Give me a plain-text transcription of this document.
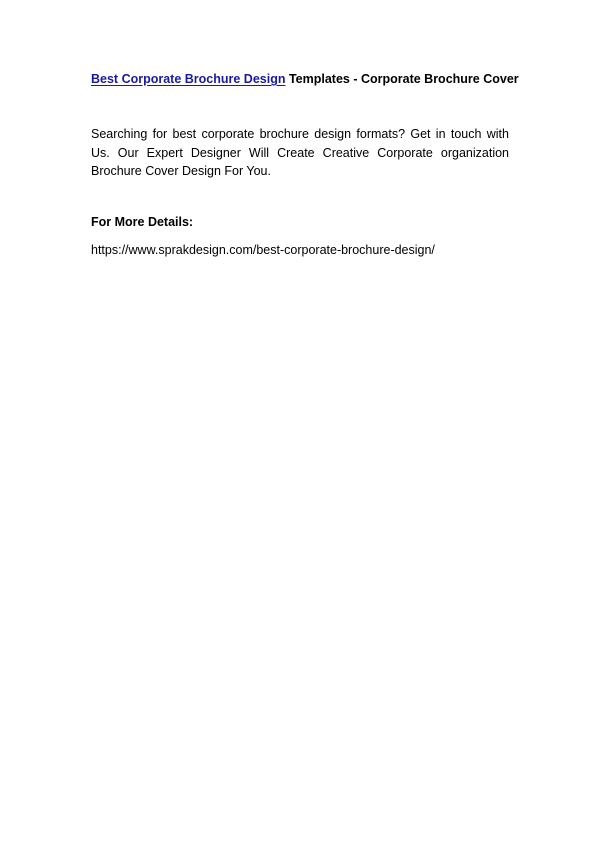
Best Corporate Brochure Design Templates - Corporate Brochure Cover
Searching for best corporate brochure design formats? Get in touch with Us. Our Expert Designer Will Create Creative Corporate organization Brochure Cover Design For You.
For More Details:
https://www.sprakdesign.com/best-corporate-brochure-design/
